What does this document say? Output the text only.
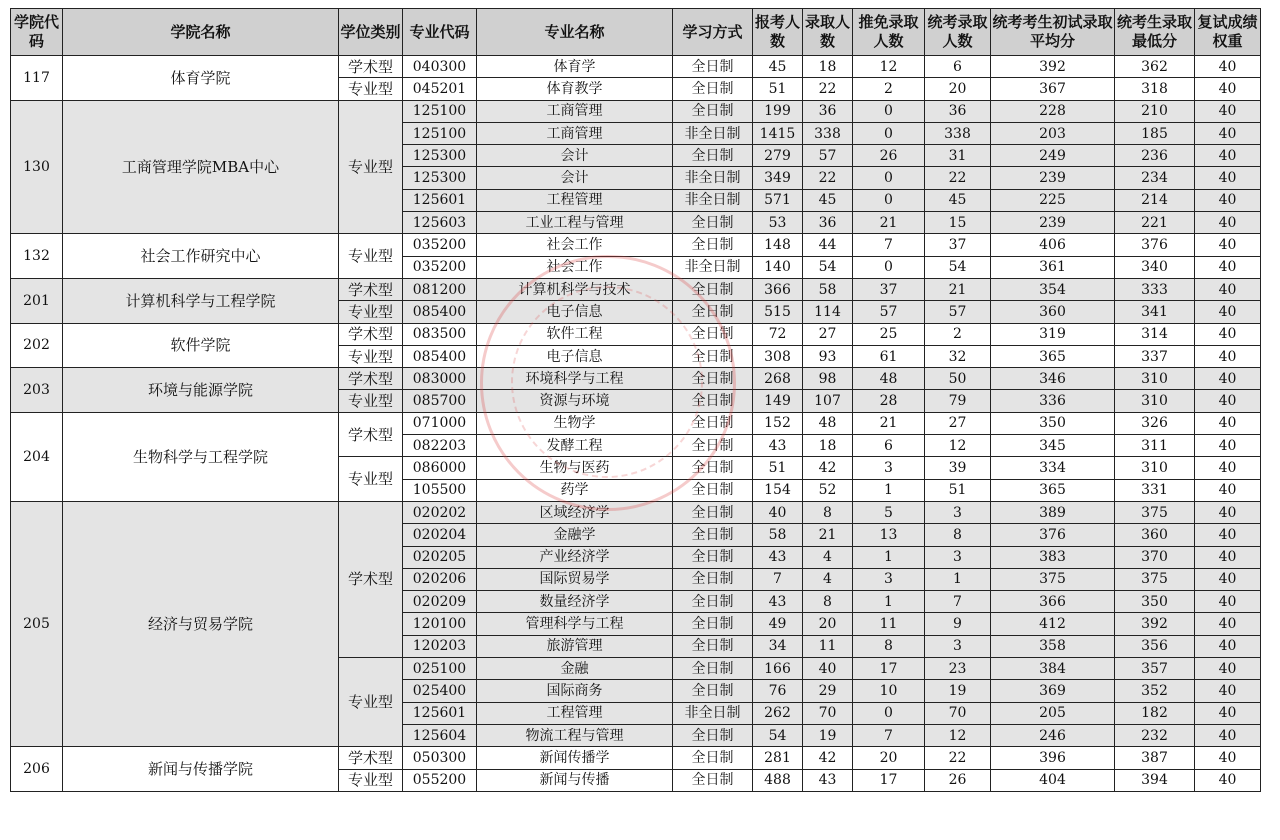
学院代码	学院名称	学位类别	专业代码	专业名称	学习方式	报考人数	录取人数	推免录取人数	统考录取人数	统考考生初试录取平均分	统考生录取最低分	复试成绩权重
117	体育学院	学术型	040300	体育学	全日制	45	18	12	6	392	362	40
		专业型	045201	体育教学	全日制	51	22	2	20	367	318	40
130	工商管理学院MBA中心	专业型	125100	工商管理	全日制	199	36	0	36	228	210	40
			125100	工商管理	非全日制	1415	338	0	338	203	185	40
			125300	会计	全日制	279	57	26	31	249	236	40
			125300	会计	非全日制	349	22	0	22	239	234	40
			125601	工程管理	非全日制	571	45	0	45	225	214	40
			125603	工业工程与管理	全日制	53	36	21	15	239	221	40
132	社会工作研究中心	专业型	035200	社会工作	全日制	148	44	7	37	406	376	40
			035200	社会工作	非全日制	140	54	0	54	361	340	40
201	计算机科学与工程学院	学术型	081200	计算机科学与技术	全日制	366	58	37	21	354	333	40
		专业型	085400	电子信息	全日制	515	114	57	57	360	341	40
202	软件学院	学术型	083500	软件工程	全日制	72	27	25	2	319	314	40
		专业型	085400	电子信息	全日制	308	93	61	32	365	337	40
203	环境与能源学院	学术型	083000	环境科学与工程	全日制	268	98	48	50	346	310	40
		专业型	085700	资源与环境	全日制	149	107	28	79	336	310	40
204	生物科学与工程学院	学术型	071000	生物学	全日制	152	48	21	27	350	326	40
			082203	发酵工程	全日制	43	18	6	12	345	311	40
		专业型	086000	生物与医药	全日制	51	42	3	39	334	310	40
			105500	药学	全日制	154	52	1	51	365	331	40
205	经济与贸易学院	学术型	020202	区域经济学	全日制	40	8	5	3	389	375	40
			020204	金融学	全日制	58	21	13	8	376	360	40
			020205	产业经济学	全日制	43	4	1	3	383	370	40
			020206	国际贸易学	全日制	7	4	3	1	375	375	40
			020209	数量经济学	全日制	43	8	1	7	366	350	40
			120100	管理科学与工程	全日制	49	20	11	9	412	392	40
			120203	旅游管理	全日制	34	11	8	3	358	356	40
		专业型	025100	金融	全日制	166	40	17	23	384	357	40
			025400	国际商务	全日制	76	29	10	19	369	352	40
			125601	工程管理	非全日制	262	70	0	70	205	182	40
			125604	物流工程与管理	全日制	54	19	7	12	246	232	40
206	新闻与传播学院	学术型	050300	新闻传播学	全日制	281	42	20	22	396	387	40
		专业型	055200	新闻与传播	全日制	488	43	17	26	404	394	40
